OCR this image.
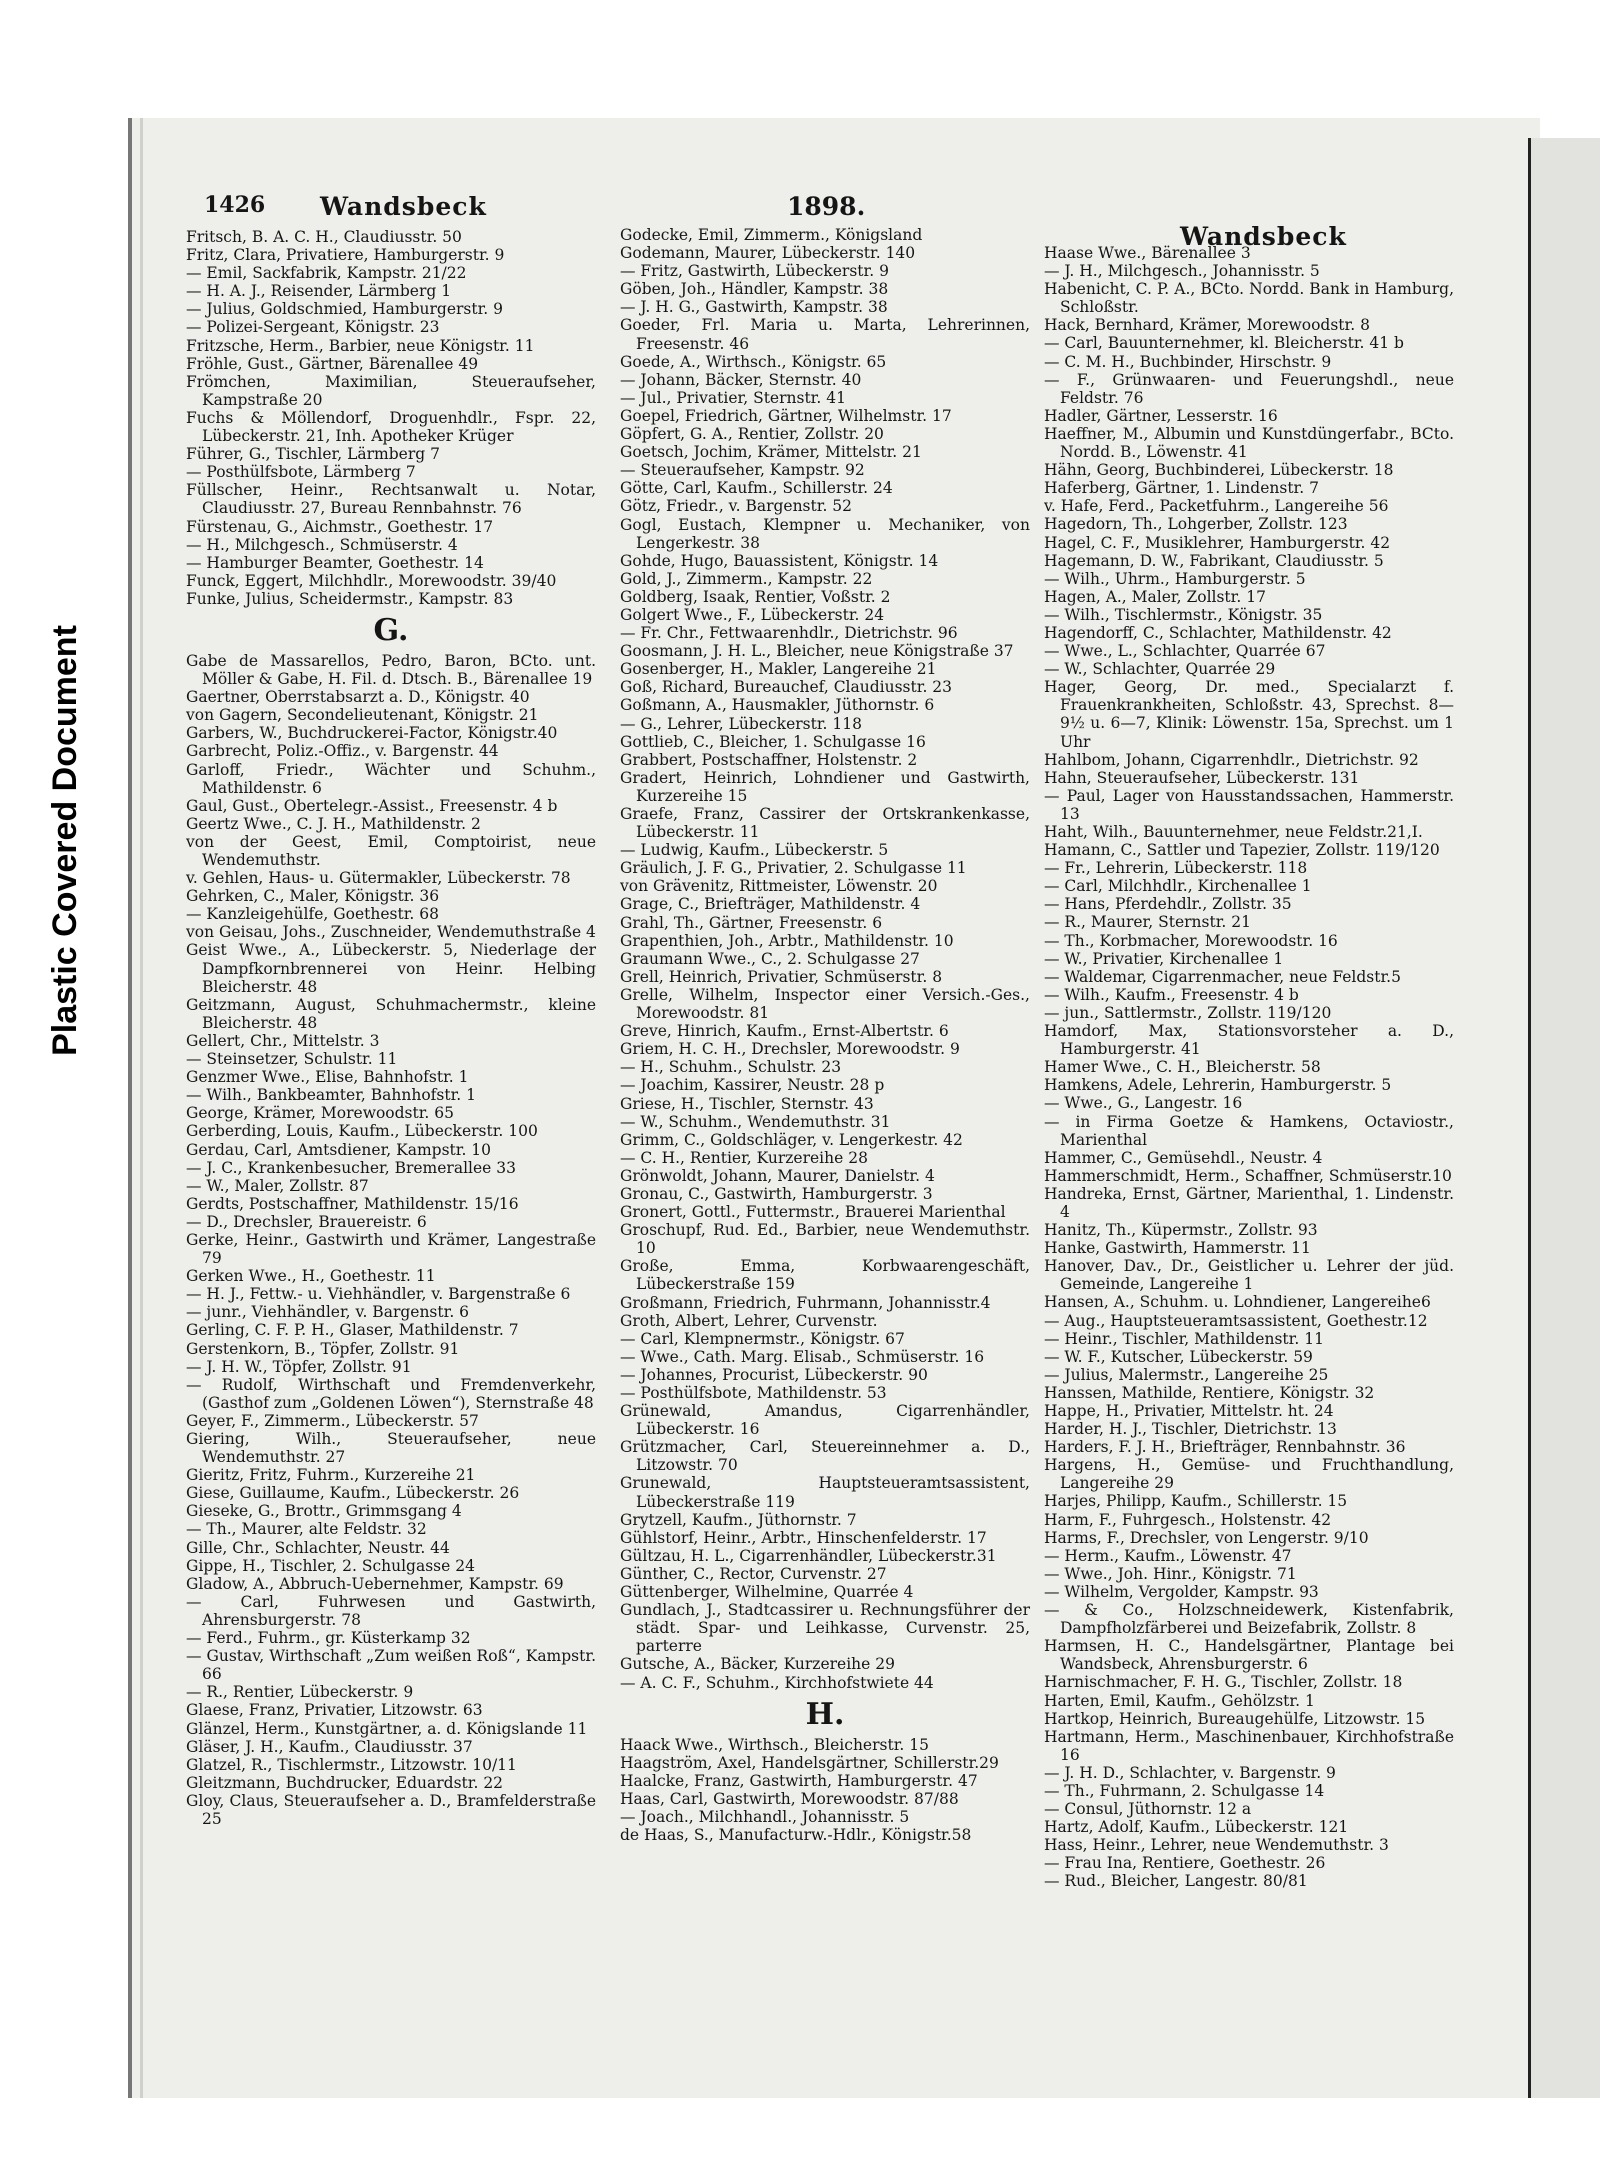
Plastic Covered Document
1426 Wandsbeck	1898.
Wandsbeck
Fritsch, B. A. C. H., Claudiusstr. 50
Fritz, Clara, Privatiere, Hamburgerstr. 9
— Emil, Sackfabrik, Kampstr. 21/22
— H. A. J., Reisender, Lärmberg 1
— Julius, Goldschmied, Hamburgerstr. 9
— Polizei-Sergeant, Königstr. 23
Fritzsche, Herm., Barbier, neue Königstr. 11
Fröhle, Gust., Gärtner, Bärenallee 49
Frömchen, Maximilian, Steueraufseher, Kampstraße 20
Fuchs & Möllendorf, Droguenhdlr., Fspr. 22, Lübeckerstr. 21, Inh. Apotheker Krüger
Führer, G., Tischler, Lärmberg 7
— Posthülfsbote, Lärmberg 7
Füllscher, Heinr., Rechtsanwalt u. Notar, Claudiusstr. 27, Bureau Rennbahnstr. 76
Fürstenau, G., Aichmstr., Goethestr. 17
— H., Milchgesch., Schmüserstr. 4
— Hamburger Beamter, Goethestr. 14
Funck, Eggert, Milchhdlr., Morewoodstr. 39/40
Funke, Julius, Scheidermstr., Kampstr. 83
G.
Gabe de Massarellos, Pedro, Baron, BCto. unt. Möller & Gabe, H. Fil. d. Dtsch. B., Bärenallee 19
Gaertner, Oberrstabsarzt a. D., Königstr. 40
von Gagern, Secondelieutenant, Königstr. 21
Garbers, W., Buchdruckerei-Factor, Königstr.40
Garbrecht, Poliz.-Offiz., v. Bargenstr. 44
Garloff, Friedr., Wächter und Schuhm., Mathildenstr. 6
Gaul, Gust., Obertelegr.-Assist., Freesenstr. 4 b
Geertz Wwe., C. J. H., Mathildenstr. 2
von der Geest, Emil, Comptoirist, neue Wendemuthstr.
v. Gehlen, Haus- u. Gütermakler, Lübeckerstr. 78
Gehrken, C., Maler, Königstr. 36
— Kanzleigehülfe, Goethestr. 68
von Geisau, Johs., Zuschneider, Wendemuthstraße 4
Geist Wwe., A., Lübeckerstr. 5, Niederlage der Dampfkornbrennerei von Heinr. Helbing Bleicherstr. 48
Geitzmann, August, Schuhmachermstr., kleine Bleicherstr. 48
Gellert, Chr., Mittelstr. 3
— Steinsetzer, Schulstr. 11
Genzmer Wwe., Elise, Bahnhofstr. 1
— Wilh., Bankbeamter, Bahnhofstr. 1
George, Krämer, Morewoodstr. 65
Gerberding, Louis, Kaufm., Lübeckerstr. 100
Gerdau, Carl, Amtsdiener, Kampstr. 10
— J. C., Krankenbesucher, Bremerallee 33
— W., Maler, Zollstr. 87
Gerdts, Postschaffner, Mathildenstr. 15/16
— D., Drechsler, Brauereistr. 6
Gerke, Heinr., Gastwirth und Krämer, Langestraße 79
Gerken Wwe., H., Goethestr. 11
— H. J., Fettw.- u. Viehhändler, v. Bargenstraße 6
— junr., Viehhändler, v. Bargenstr. 6
Gerling, C. F. P. H., Glaser, Mathildenstr. 7
Gerstenkorn, B., Töpfer, Zollstr. 91
— J. H. W., Töpfer, Zollstr. 91
— Rudolf, Wirthschaft und Fremdenverkehr, (Gasthof zum „Goldenen Löwen“), Sternstraße 48
Geyer, F., Zimmerm., Lübeckerstr. 57
Giering, Wilh., Steueraufseher, neue Wendemuthstr. 27
Gieritz, Fritz, Fuhrm., Kurzereihe 21
Giese, Guillaume, Kaufm., Lübeckerstr. 26
Gieseke, G., Brottr., Grimmsgang 4
— Th., Maurer, alte Feldstr. 32
Gille, Chr., Schlachter, Neustr. 44
Gippe, H., Tischler, 2. Schulgasse 24
Gladow, A., Abbruch-Uebernehmer, Kampstr. 69
— Carl, Fuhrwesen und Gastwirth, Ahrensburgerstr. 78
— Ferd., Fuhrm., gr. Küsterkamp 32
— Gustav, Wirthschaft „Zum weißen Roß“, Kampstr. 66
— R., Rentier, Lübeckerstr. 9
Glaese, Franz, Privatier, Litzowstr. 63
Glänzel, Herm., Kunstgärtner, a. d. Königslande 11
Gläser, J. H., Kaufm., Claudiusstr. 37
Glatzel, R., Tischlermstr., Litzowstr. 10/11
Gleitzmann, Buchdrucker, Eduardstr. 22
Gloy, Claus, Steueraufseher a. D., Bramfelderstraße 25
Godecke, Emil, Zimmerm., Königsland
Godemann, Maurer, Lübeckerstr. 140
— Fritz, Gastwirth, Lübeckerstr. 9
Göben, Joh., Händler, Kampstr. 38
— J. H. G., Gastwirth, Kampstr. 38
Goeder, Frl. Maria u. Marta, Lehrerinnen, Freesenstr. 46
Goede, A., Wirthsch., Königstr. 65
— Johann, Bäcker, Sternstr. 40
— Jul., Privatier, Sternstr. 41
Goepel, Friedrich, Gärtner, Wilhelmstr. 17
Göpfert, G. A., Rentier, Zollstr. 20
Goetsch, Jochim, Krämer, Mittelstr. 21
— Steueraufseher, Kampstr. 92
Götte, Carl, Kaufm., Schillerstr. 24
Götz, Friedr., v. Bargenstr. 52
Gogl, Eustach, Klempner u. Mechaniker, von Lengerkestr. 38
Gohde, Hugo, Bauassistent, Königstr. 14
Gold, J., Zimmerm., Kampstr. 22
Goldberg, Isaak, Rentier, Voßstr. 2
Golgert Wwe., F., Lübeckerstr. 24
— Fr. Chr., Fettwaarenhdlr., Dietrichstr. 96
Goosmann, J. H. L., Bleicher, neue Königstraße 37
Gosenberger, H., Makler, Langereihe 21
Goß, Richard, Bureauchef, Claudiusstr. 23
Goßmann, A., Hausmakler, Jüthornstr. 6
— G., Lehrer, Lübeckerstr. 118
Gottlieb, C., Bleicher, 1. Schulgasse 16
Grabbert, Postschaffner, Holstenstr. 2
Gradert, Heinrich, Lohndiener und Gastwirth, Kurzereihe 15
Graefe, Franz, Cassirer der Ortskrankenkasse, Lübeckerstr. 11
— Ludwig, Kaufm., Lübeckerstr. 5
Gräulich, J. F. G., Privatier, 2. Schulgasse 11
von Grävenitz, Rittmeister, Löwenstr. 20
Grage, C., Briefträger, Mathildenstr. 4
Grahl, Th., Gärtner, Freesenstr. 6
Grapenthien, Joh., Arbtr., Mathildenstr. 10
Graumann Wwe., C., 2. Schulgasse 27
Grell, Heinrich, Privatier, Schmüserstr. 8
Grelle, Wilhelm, Inspector einer Versich.-Ges., Morewoodstr. 81
Greve, Hinrich, Kaufm., Ernst-Albertstr. 6
Griem, H. C. H., Drechsler, Morewoodstr. 9
— H., Schuhm., Schulstr. 23
— Joachim, Kassirer, Neustr. 28 p
Griese, H., Tischler, Sternstr. 43
— W., Schuhm., Wendemuthstr. 31
Grimm, C., Goldschläger, v. Lengerkestr. 42
— C. H., Rentier, Kurzereihe 28
Grönwoldt, Johann, Maurer, Danielstr. 4
Gronau, C., Gastwirth, Hamburgerstr. 3
Gronert, Gottl., Futtermstr., Brauerei Marienthal
Groschupf, Rud. Ed., Barbier, neue Wendemuthstr. 10
Große, Emma, Korbwaarengeschäft, Lübeckerstraße 159
Großmann, Friedrich, Fuhrmann, Johannisstr.4
Groth, Albert, Lehrer, Curvenstr.
— Carl, Klempnermstr., Königstr. 67
— Wwe., Cath. Marg. Elisab., Schmüserstr. 16
— Johannes, Procurist, Lübeckerstr. 90
— Posthülfsbote, Mathildenstr. 53
Grünewald, Amandus, Cigarrenhändler, Lübeckerstr. 16
Grützmacher, Carl, Steuereinnehmer a. D., Litzowstr. 70
Grunewald, Hauptsteueramtsassistent, Lübeckerstraße 119
Grytzell, Kaufm., Jüthornstr. 7
Gühlstorf, Heinr., Arbtr., Hinschenfelderstr. 17
Gültzau, H. L., Cigarrenhändler, Lübeckerstr.31
Günther, C., Rector, Curvenstr. 27
Güttenberger, Wilhelmine, Quarrée 4
Gundlach, J., Stadtcassirer u. Rechnungsführer der städt. Spar- und Leihkasse, Curvenstr. 25, parterre
Gutsche, A., Bäcker, Kurzereihe 29
— A. C. F., Schuhm., Kirchhofstwiete 44
H.
Haack Wwe., Wirthsch., Bleicherstr. 15
Haagström, Axel, Handelsgärtner, Schillerstr.29
Haalcke, Franz, Gastwirth, Hamburgerstr. 47
Haas, Carl, Gastwirth, Morewoodstr. 87/88
— Joach., Milchhandl., Johannisstr. 5
de Haas, S., Manufacturw.-Hdlr., Königstr.58
Haase Wwe., Bärenallee 3
— J. H., Milchgesch., Johannisstr. 5
Habenicht, C. P. A., BCto. Nordd. Bank in Hamburg, Schloßstr.
Hack, Bernhard, Krämer, Morewoodstr. 8
— Carl, Bauunternehmer, kl. Bleicherstr. 41 b
— C. M. H., Buchbinder, Hirschstr. 9
— F., Grünwaaren- und Feuerungshdl., neue Feldstr. 76
Hadler, Gärtner, Lesserstr. 16
Haeffner, M., Albumin und Kunstdüngerfabr., BCto. Nordd. B., Löwenstr. 41
Hähn, Georg, Buchbinderei, Lübeckerstr. 18
Haferberg, Gärtner, 1. Lindenstr. 7
v. Hafe, Ferd., Packetfuhrm., Langereihe 56
Hagedorn, Th., Lohgerber, Zollstr. 123
Hagel, C. F., Musiklehrer, Hamburgerstr. 42
Hagemann, D. W., Fabrikant, Claudiusstr. 5
— Wilh., Uhrm., Hamburgerstr. 5
Hagen, A., Maler, Zollstr. 17
— Wilh., Tischlermstr., Königstr. 35
Hagendorff, C., Schlachter, Mathildenstr. 42
— Wwe., L., Schlachter, Quarrée 67
— W., Schlachter, Quarrée 29
Hager, Georg, Dr. med., Specialarzt f. Frauenkrankheiten, Schloßstr. 43, Sprechst. 8—9½ u. 6—7, Klinik: Löwenstr. 15a, Sprechst. um 1 Uhr
Hahlbom, Johann, Cigarrenhdlr., Dietrichstr. 92
Hahn, Steueraufseher, Lübeckerstr. 131
— Paul, Lager von Hausstandssachen, Hammerstr. 13
Haht, Wilh., Bauunternehmer, neue Feldstr.21,I.
Hamann, C., Sattler und Tapezier, Zollstr. 119/120
— Fr., Lehrerin, Lübeckerstr. 118
— Carl, Milchhdlr., Kirchenallee 1
— Hans, Pferdehdlr., Zollstr. 35
— R., Maurer, Sternstr. 21
— Th., Korbmacher, Morewoodstr. 16
— W., Privatier, Kirchenallee 1
— Waldemar, Cigarrenmacher, neue Feldstr.5
— Wilh., Kaufm., Freesenstr. 4 b
— jun., Sattlermstr., Zollstr. 119/120
Hamdorf, Max, Stationsvorsteher a. D., Hamburgerstr. 41
Hamer Wwe., C. H., Bleicherstr. 58
Hamkens, Adele, Lehrerin, Hamburgerstr. 5
— Wwe., G., Langestr. 16
— in Firma Goetze & Hamkens, Octaviostr., Marienthal
Hammer, C., Gemüsehdl., Neustr. 4
Hammerschmidt, Herm., Schaffner, Schmüserstr.10
Handreka, Ernst, Gärtner, Marienthal, 1. Lindenstr. 4
Hanitz, Th., Küpermstr., Zollstr. 93
Hanke, Gastwirth, Hammerstr. 11
Hanover, Dav., Dr., Geistlicher u. Lehrer der jüd. Gemeinde, Langereihe 1
Hansen, A., Schuhm. u. Lohndiener, Langereihe6
— Aug., Hauptsteueramtsassistent, Goethestr.12
— Heinr., Tischler, Mathildenstr. 11
— W. F., Kutscher, Lübeckerstr. 59
— Julius, Malermstr., Langereihe 25
Hanssen, Mathilde, Rentiere, Königstr. 32
Happe, H., Privatier, Mittelstr. ht. 24
Harder, H. J., Tischler, Dietrichstr. 13
Harders, F. J. H., Briefträger, Rennbahnstr. 36
Hargens, H., Gemüse- und Fruchthandlung, Langereihe 29
Harjes, Philipp, Kaufm., Schillerstr. 15
Harm, F., Fuhrgesch., Holstenstr. 42
Harms, F., Drechsler, von Lengerstr. 9/10
— Herm., Kaufm., Löwenstr. 47
— Wwe., Joh. Hinr., Königstr. 71
— Wilhelm, Vergolder, Kampstr. 93
— & Co., Holzschneidewerk, Kistenfabrik, Dampfholzfärberei und Beizefabrik, Zollstr. 8
Harmsen, H. C., Handelsgärtner, Plantage bei Wandsbeck, Ahrensburgerstr. 6
Harnischmacher, F. H. G., Tischler, Zollstr. 18
Harten, Emil, Kaufm., Gehölzstr. 1
Hartkop, Heinrich, Bureaugehülfe, Litzowstr. 15
Hartmann, Herm., Maschinenbauer, Kirchhofstraße 16
— J. H. D., Schlachter, v. Bargenstr. 9
— Th., Fuhrmann, 2. Schulgasse 14
— Consul, Jüthornstr. 12 a
Hartz, Adolf, Kaufm., Lübeckerstr. 121
Hass, Heinr., Lehrer, neue Wendemuthstr. 3
— Frau Ina, Rentiere, Goethestr. 26
— Rud., Bleicher, Langestr. 80/81
